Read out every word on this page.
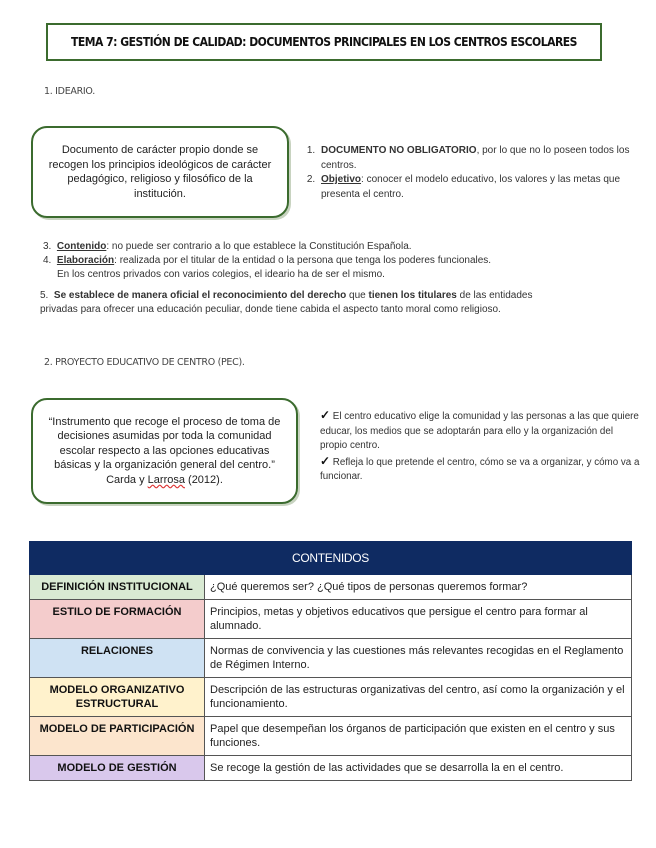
TEMA 7: GESTIÓN DE CALIDAD: DOCUMENTOS PRINCIPALES EN LOS CENTROS ESCOLARES
1. IDEARIO.
Documento de carácter propio donde se recogen los principios ideológicos de carácter pedagógico, religioso y filosófico de la institución.
1. DOCUMENTO NO OBLIGATORIO, por lo que no lo poseen todos los centros.
2. Objetivo: conocer el modelo educativo, los valores y las metas que presenta el centro.

3. Contenido: no puede ser contrario a lo que establece la Constitución Española.

4. Elaboración: realizada por el titular de la entidad o la persona que tenga los poderes funcionales.

En los centros privados con varios colegios, el ideario ha de ser el mismo.

5. Se establece de manera oficial el reconocimiento del derecho que tienen los titulares de las entidades

privadas para ofrecer una educación peculiar, donde tiene cabida el aspecto tanto moral como religioso.

2. PROYECTO EDUCATIVO DE CENTRO (PEC).
“Instrumento que recoge el proceso de toma de decisiones asumidas por toda la comunidad escolar respecto a las opciones educativas básicas y la organización general del centro.” Carda y Larrosa (2012).

✓ El centro educativo elige la comunidad y las personas a las que quiere educar, los medios que se adoptarán para ello y la organización del propio centro.

✓ Refleja lo que pretende el centro, cómo se va a organizar, y cómo va a funcionar.

CONTENIDOS	
DEFINICIÓN INSTITUCIONAL	¿Qué queremos ser? ¿Qué tipos de personas queremos formar?
ESTILO DE FORMACIÓN	Principios, metas y objetivos educativos que persigue el centro para formar al alumnado.
RELACIONES	Normas de convivencia y las cuestiones más relevantes recogidas en el Reglamento de Régimen Interno.
MODELO ORGANIZATIVO ESTRUCTURAL	Descripción de las estructuras organizativas del centro, así como la organización y el funcionamiento.
MODELO DE PARTICIPACIÓN	Papel que desempeñan los órganos de participación que existen en el centro y sus funciones.
MODELO DE GESTIÓN	Se recoge la gestión de las actividades que se desarrolla la en el centro.
